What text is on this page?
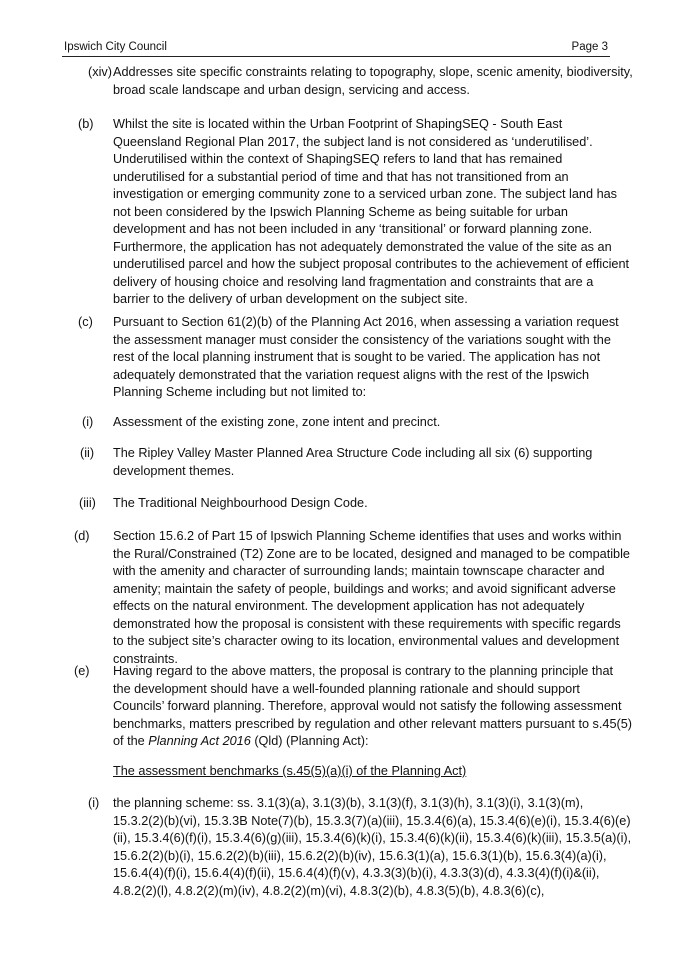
Ipswich City Council	Page 3
(xiv) Addresses site specific constraints relating to topography, slope, scenic amenity, biodiversity, broad scale landscape and urban design, servicing and access.
(b) Whilst the site is located within the Urban Footprint of ShapingSEQ - South East Queensland Regional Plan 2017, the subject land is not considered as ‘underutilised’. Underutilised within the context of ShapingSEQ refers to land that has remained underutilised for a substantial period of time and that has not transitioned from an investigation or emerging community zone to a serviced urban zone. The subject land has not been considered by the Ipswich Planning Scheme as being suitable for urban development and has not been included in any ‘transitional’ or forward planning zone. Furthermore, the application has not adequately demonstrated the value of the site as an underutilised parcel and how the subject proposal contributes to the achievement of efficient delivery of housing choice and resolving land fragmentation and constraints that are a barrier to the delivery of urban development on the subject site.
(c) Pursuant to Section 61(2)(b) of the Planning Act 2016, when assessing a variation request the assessment manager must consider the consistency of the variations sought with the rest of the local planning instrument that is sought to be varied. The application has not adequately demonstrated that the variation request aligns with the rest of the Ipswich Planning Scheme including but not limited to:
(i) Assessment of the existing zone, zone intent and precinct.
(ii) The Ripley Valley Master Planned Area Structure Code including all six (6) supporting development themes.
(iii) The Traditional Neighbourhood Design Code.
(d) Section 15.6.2 of Part 15 of Ipswich Planning Scheme identifies that uses and works within the Rural/Constrained (T2) Zone are to be located, designed and managed to be compatible with the amenity and character of surrounding lands; maintain townscape character and amenity; maintain the safety of people, buildings and works; and avoid significant adverse effects on the natural environment. The development application has not adequately demonstrated how the proposal is consistent with these requirements with specific regards to the subject site’s character owing to its location, environmental values and development constraints.
(e) Having regard to the above matters, the proposal is contrary to the planning principle that the development should have a well-founded planning rationale and should support Councils’ forward planning. Therefore, approval would not satisfy the following assessment benchmarks, matters prescribed by regulation and other relevant matters pursuant to s.45(5) of the Planning Act 2016 (Qld) (Planning Act):
The assessment benchmarks (s.45(5)(a)(i) of the Planning Act)
(i) the planning scheme: ss. 3.1(3)(a), 3.1(3)(b), 3.1(3)(f), 3.1(3)(h), 3.1(3)(i), 3.1(3)(m), 15.3.2(2)(b)(vi), 15.3.3B Note(7)(b), 15.3.3(7)(a)(iii), 15.3.4(6)(a), 15.3.4(6)(e)(i), 15.3.4(6)(e)(ii), 15.3.4(6)(f)(i), 15.3.4(6)(g)(iii), 15.3.4(6)(k)(i), 15.3.4(6)(k)(ii), 15.3.4(6)(k)(iii), 15.3.5(a)(i), 15.6.2(2)(b)(i), 15.6.2(2)(b)(iii), 15.6.2(2)(b)(iv), 15.6.3(1)(a), 15.6.3(1)(b), 15.6.3(4)(a)(i), 15.6.4(4)(f)(i), 15.6.4(4)(f)(ii), 15.6.4(4)(f)(v), 4.3.3(3)(b)(i), 4.3.3(3)(d), 4.3.3(4)(f)(i)&(ii), 4.8.2(2)(l), 4.8.2(2)(m)(iv), 4.8.2(2)(m)(vi), 4.8.3(2)(b), 4.8.3(5)(b), 4.8.3(6)(c),
